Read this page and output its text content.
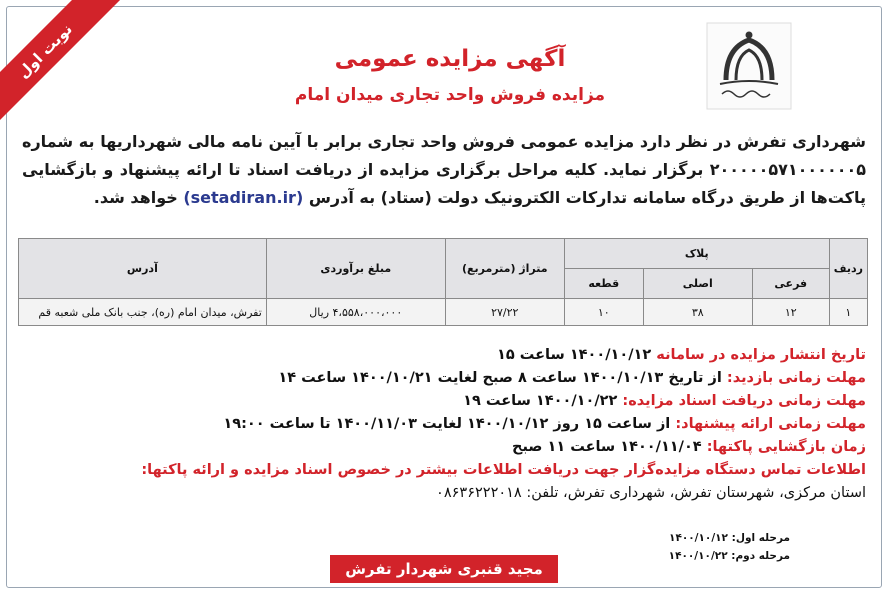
نوبت اول	آگهی مزایده عمومی
مزایده فروش واحد تجاری میدان امام
شهرداری تفرش در نظر دارد مزایده عمومی فروش واحد تجاری برابر با آیین نامه مالی شهرداریها به شماره ۲۰۰۰۰۰۵۷۱۰۰۰۰۰۰۵ برگزار نماید. کلیه مراحل برگزاری مزایده از دریافت اسناد تا ارائه پیشنهاد و بازگشایی پاکت‌ها از طریق درگاه سامانه تدارکات الکترونیک دولت (ستاد) به آدرس (setadiran.ir) خواهد شد.
ردیف	پلاک			متراژ (مترمربع)	مبلغ برآوردی	آدرس
	فرعی	اصلی	قطعه			
۱	۱۲	۳۸	۱۰	۲۷/۲۲	۴،۵۵۸،۰۰۰،۰۰۰ ریال	تفرش، میدان امام (ره)، جنب بانک ملی شعبه قم
تاریخ انتشار مزایده در سامانه ۱۴۰۰/۱۰/۱۲ ساعت ۱۵
مهلت زمانی بازدید: از تاریخ ۱۴۰۰/۱۰/۱۳ ساعت ۸ صبح لغایت ۱۴۰۰/۱۰/۲۱ ساعت ۱۴
مهلت زمانی دریافت اسناد مزایده: ۱۴۰۰/۱۰/۲۲ ساعت ۱۹
مهلت زمانی ارائه پیشنهاد: از ساعت ۱۵ روز ۱۴۰۰/۱۰/۱۲ لغایت ۱۴۰۰/۱۱/۰۳ تا ساعت ۱۹:۰۰
زمان بازگشایی پاکتها: ۱۴۰۰/۱۱/۰۴ ساعت ۱۱ صبح
اطلاعات تماس دستگاه مزایده‌گزار جهت دریافت اطلاعات بیشتر در خصوص اسناد مزایده و ارائه پاکتها:
استان مرکزی، شهرستان تفرش، شهرداری تفرش، تلفن: ۰۸۶۳۶۲۲۲۰۱۸
مرحله اول: ۱۴۰۰/۱۰/۱۲
مرحله دوم: ۱۴۰۰/۱۰/۲۲
مجید قنبری شهردار تفرش
